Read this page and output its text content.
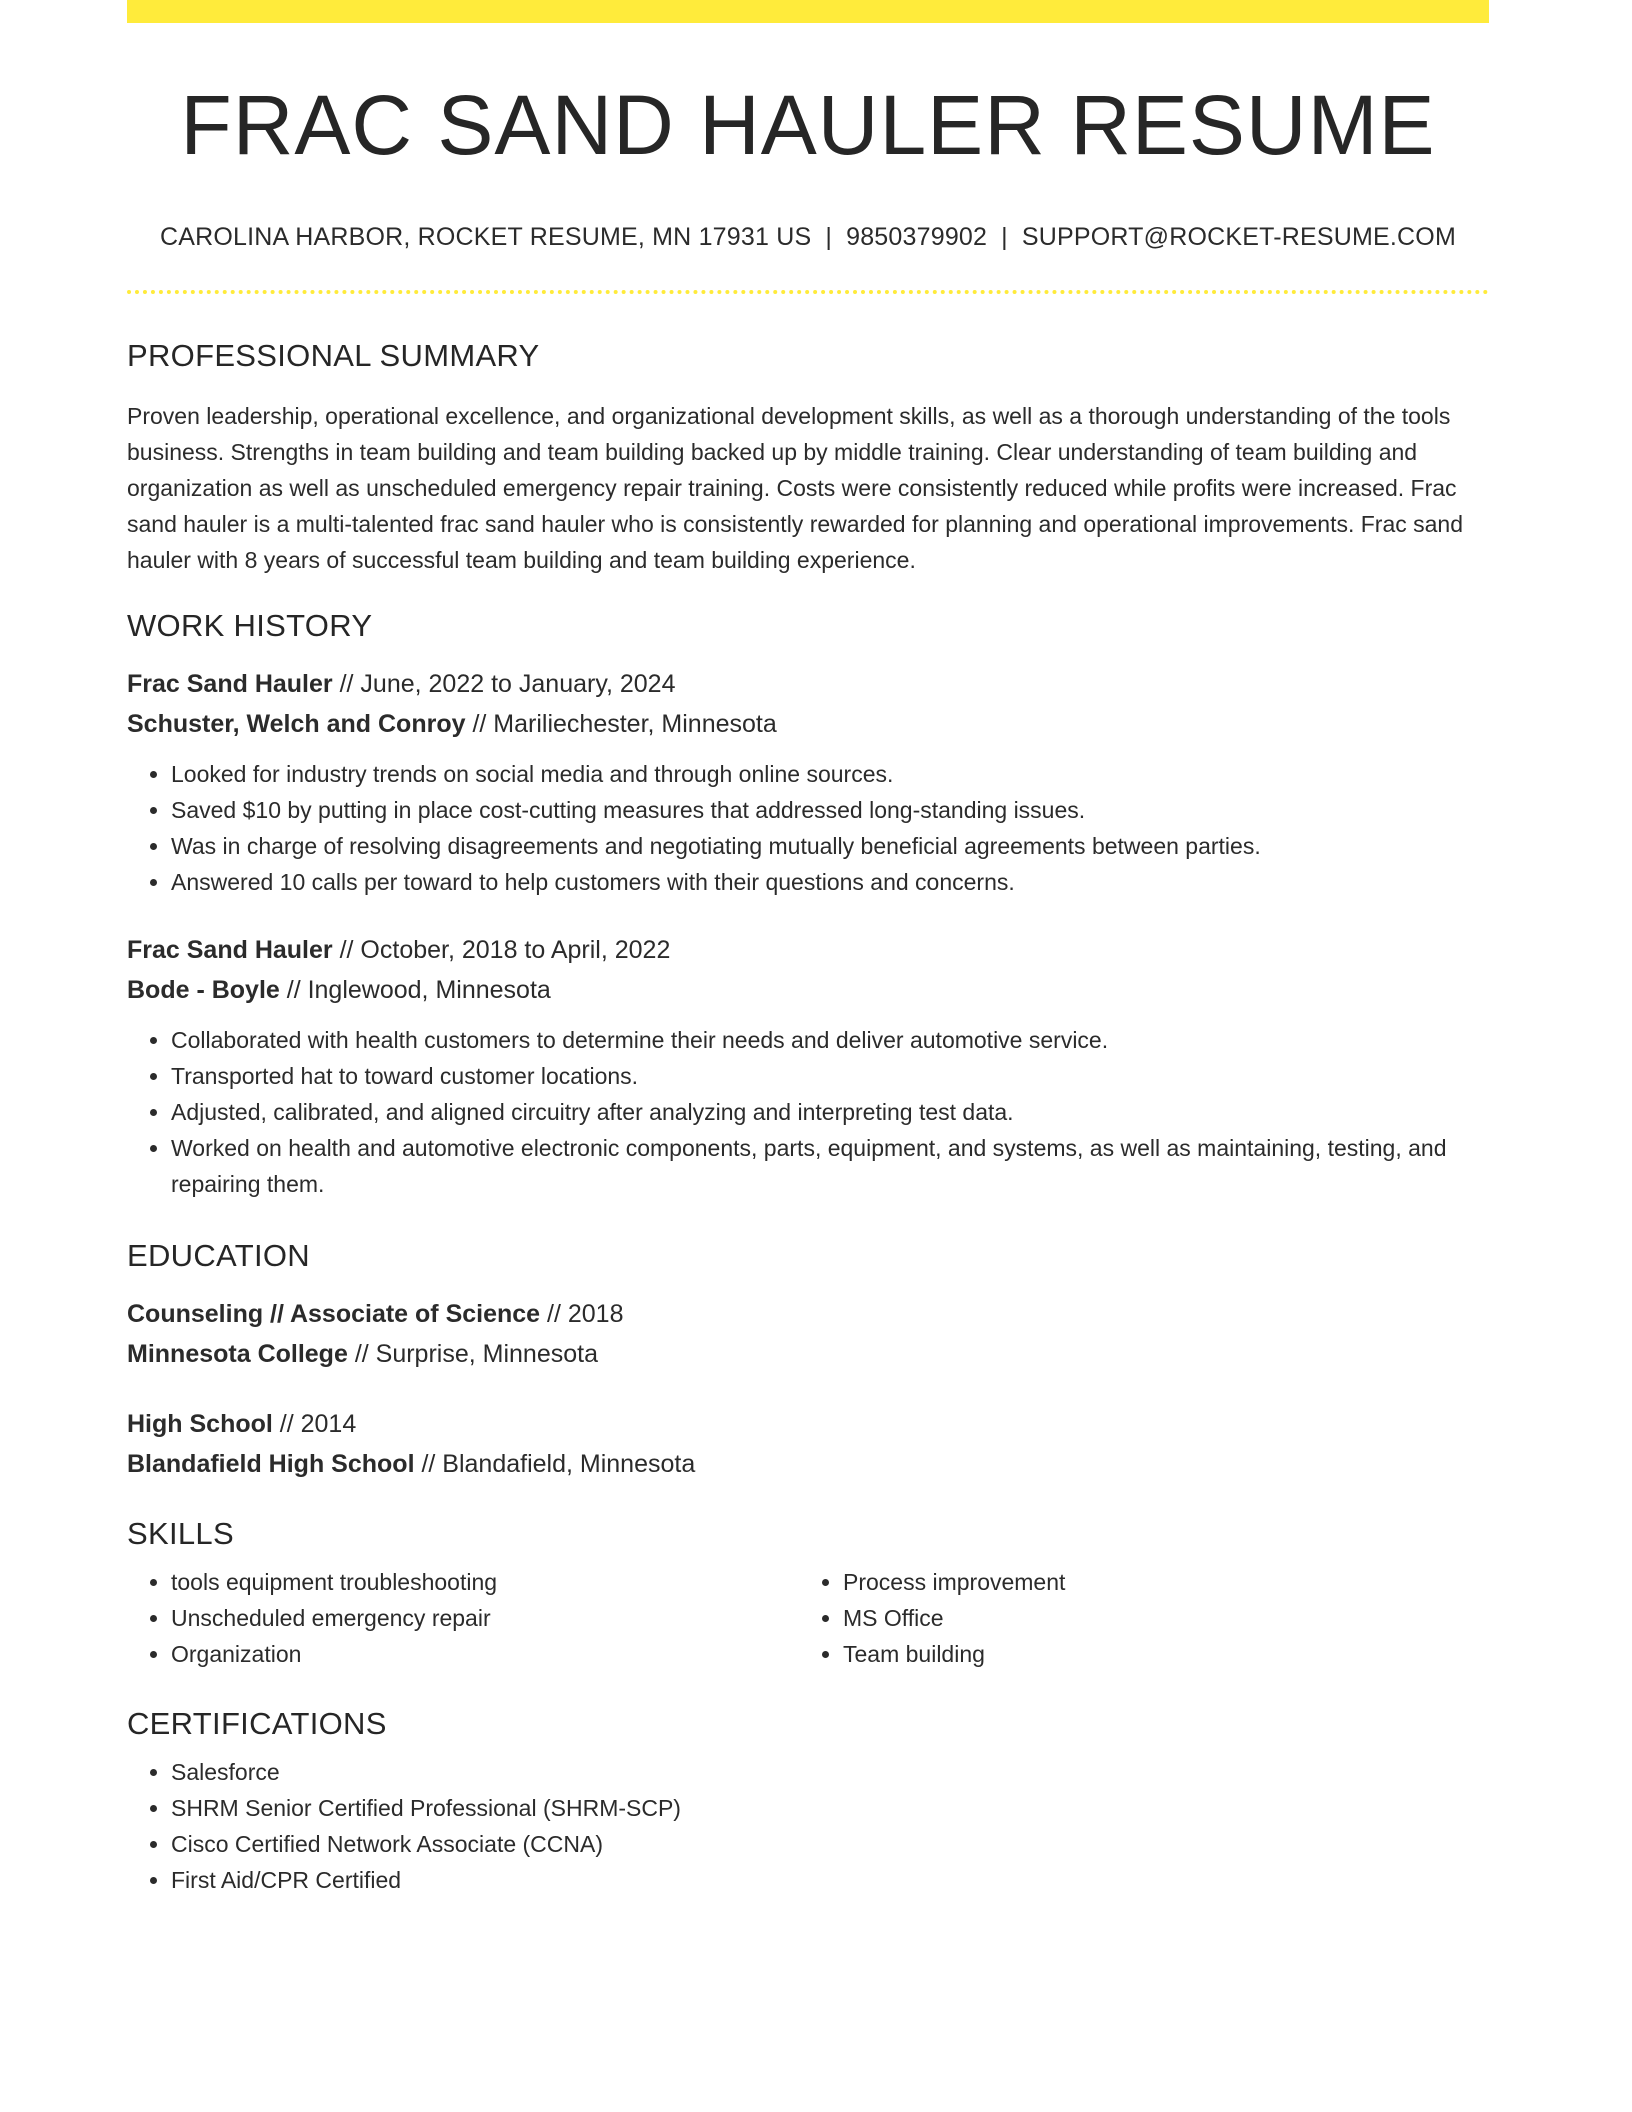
FRAC SAND HAULER RESUME
CAROLINA HARBOR, ROCKET RESUME, MN 17931 US | 9850379902 | SUPPORT@ROCKET-RESUME.COM
PROFESSIONAL SUMMARY

Proven leadership, operational excellence, and organizational development skills, as well as a thorough understanding of the tools business. Strengths in team building and team building backed up by middle training. Clear understanding of team building and organization as well as unscheduled emergency repair training. Costs were consistently reduced while profits were increased. Frac sand hauler is a multi-talented frac sand hauler who is consistently rewarded for planning and operational improvements. Frac sand hauler with 8 years of successful team building and team building experience.

WORK HISTORY
Frac Sand Hauler // June, 2022 to January, 2024
Schuster, Welch and Conroy // Mariliechester, Minnesota
• Looked for industry trends on social media and through online sources.
• Saved $10 by putting in place cost-cutting measures that addressed long-standing issues.
• Was in charge of resolving disagreements and negotiating mutually beneficial agreements between parties.
• Answered 10 calls per toward to help customers with their questions and concerns.
Frac Sand Hauler // October, 2018 to April, 2022
Bode - Boyle // Inglewood, Minnesota
• Collaborated with health customers to determine their needs and deliver automotive service.
• Transported hat to toward customer locations.
• Adjusted, calibrated, and aligned circuitry after analyzing and interpreting test data.
• Worked on health and automotive electronic components, parts, equipment, and systems, as well as maintaining, testing, and repairing them.
EDUCATION
Counseling // Associate of Science // 2018
Minnesota College // Surprise, Minnesota
High School // 2014
Blandafield High School // Blandafield, Minnesota
SKILLS
• tools equipment troubleshooting
• Unscheduled emergency repair
• Organization
• Process improvement
• MS Office
• Team building
CERTIFICATIONS
• Salesforce
• SHRM Senior Certified Professional (SHRM-SCP)
• Cisco Certified Network Associate (CCNA)
• First Aid/CPR Certified
